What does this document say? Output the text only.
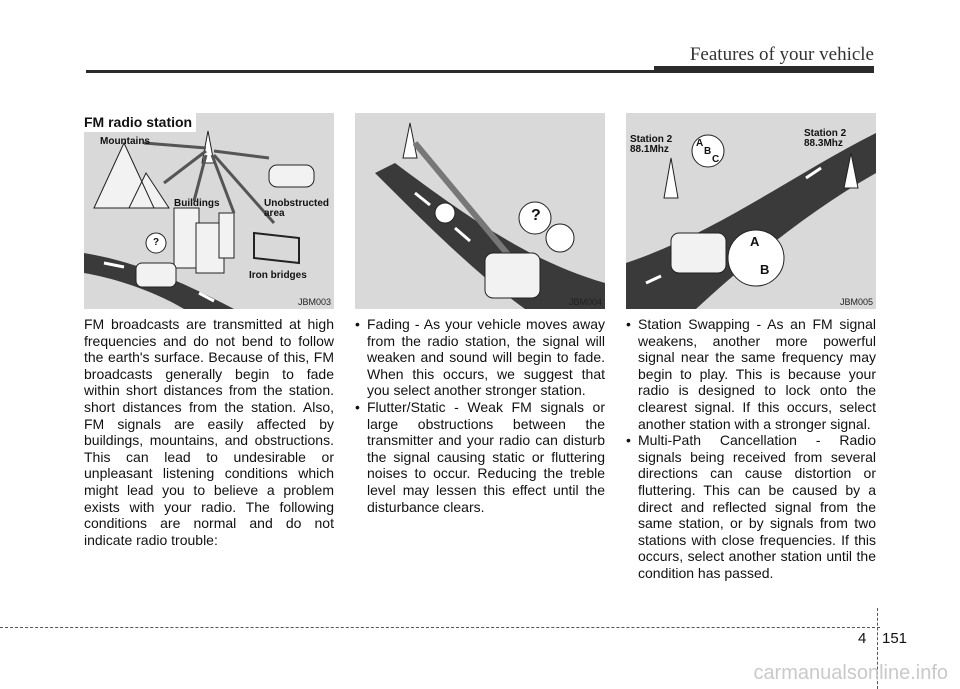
Features of your vehicle
FM radio station
Mountains
Buildings	Unobstructed
area
Iron bridges
?
JBM003
?
JBM004
Station 2
88.1Mhz
Station 2
88.3Mhz
A
B
C
A
B
JBM005

FM broadcasts are transmitted at high frequencies and do not bend to follow the earth's surface. Because of this, FM broadcasts generally begin to fade within short distances from the station. short distances from the station. Also, FM signals are easily affected by buildings, mountains, and obstructions. This can lead to undesirable or unpleasant listening conditions which might lead you to believe a problem exists with your radio. The following conditions are normal and do not indicate radio trouble:

• Fading - As your vehicle moves away from the radio station, the signal will weaken and sound will begin to fade. When this occurs, we suggest that you select another stronger station.

• Flutter/Static - Weak FM signals or large obstructions between the transmitter and your radio can disturb the signal causing static or fluttering noises to occur. Reducing the treble level may lessen this effect until the disturbance clears.

• Station Swapping - As an FM signal weakens, another more powerful signal near the same frequency may begin to play. This is because your radio is designed to lock onto the clearest signal. If this occurs, select another station with a stronger signal.

• Multi-Path Cancellation - Radio signals being received from several directions can cause distortion or fluttering. This can be caused by a direct and reflected signal from the same station, or by signals from two stations with close frequencies. If this occurs, select another station until the condition has passed.

4 151
carmanualsonline.info
